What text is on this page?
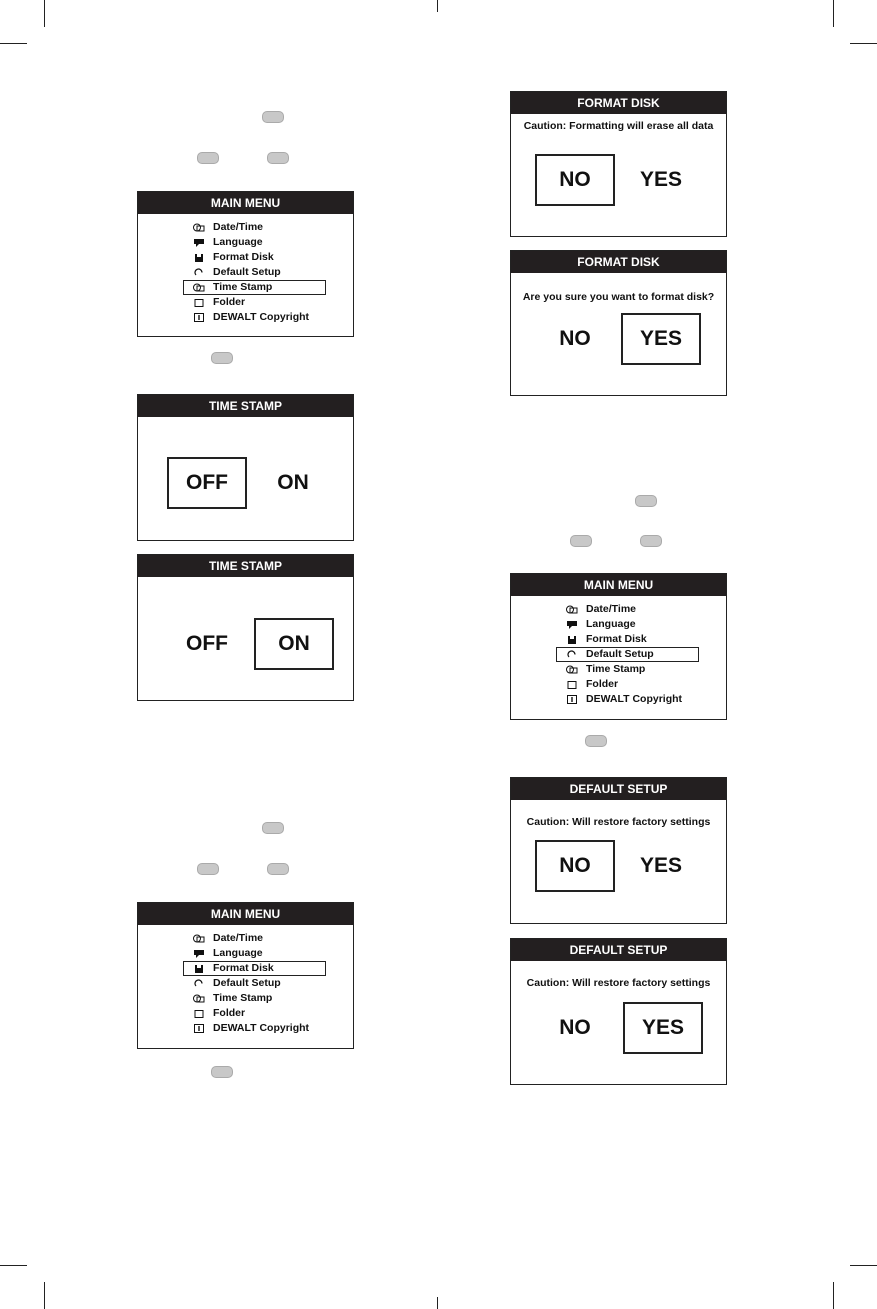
MAIN MENU
Date/Time
Language
Format Disk
Default Setup
Time Stamp
Folder
DEWALT Copyright
TIME STAMP
OFF	ON
TIME STAMP
OFF	ON
MAIN MENU
Date/Time
Language
Format Disk
Default Setup
Time Stamp
Folder
DEWALT Copyright
FORMAT DISK
Caution: Formatting will erase all data
NO	YES
FORMAT DISK
Are you sure you want to format disk?
NO	YES
MAIN MENU
Date/Time
Language
Format Disk
Default Setup
Time Stamp
Folder
DEWALT Copyright
DEFAULT SETUP
Caution: Will restore factory settings
NO	YES
DEFAULT SETUP
Caution: Will restore factory settings
NO	YES
